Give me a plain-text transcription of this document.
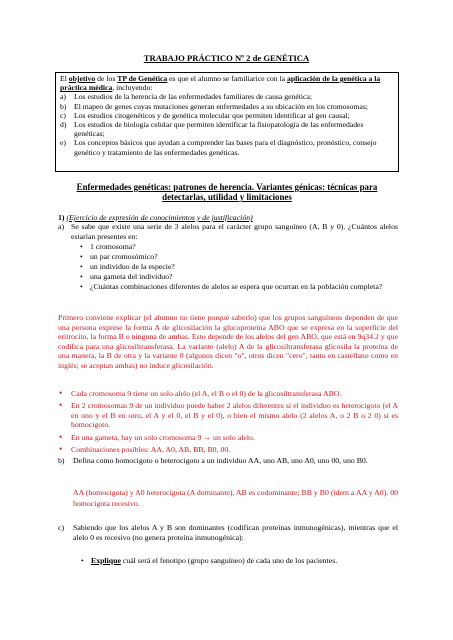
TRABAJO PRÁCTICO Nº 2 de GENÉTICA

El objetivo de los TP de Genética es que el alumno se familiarice con la aplicación de la genética a la práctica médica, incluyendo:

a) Los estudios de la herencia de las enfermedades familiares de causa genética;
b) El mapeo de genes cuyas mutaciones generan enfermedades a su ubicación en los cromosomas;
c) Los estudios citogenéticos y de genética molecular que permiten identificar al gen causal;
d) Los estudios de biología celular que permiten identificar la fisiopatología de las enfermedades genéticas;
e) Los conceptos básicos que ayudan a comprender las bases para el diagnóstico, pronóstico, consejo genético y tratamiento de las enfermedades genéticas.
Enfermedades genéticas: patrones de herencia. Variantes génicas: técnicas para detectarlas, utilidad y limitaciones

1) (Ejercicio de expresión de conocimientos y de justificación)

a) Se sabe que existe una serie de 3 alelos para el carácter grupo sanguíneo (A, B y 0). ¿Cuántos alelos estarían presentes en:
• 1 cromosoma?
• un par cromosómico?
• un individuo de la especie?
• una gameta del individuo?
• ¿Cuántas combinaciones diferentes de alelos se espera que ocurran en la población completa?
Primero conviene explicar (el alumno no tiene porqué saberlo) que los grupos sanguíneos dependen de que una persona exprese la forma A de glicosilación la glucoproteína ABO que se expresa en la superficie del eritrocito, la forma B o ninguna de ambas. Esto depende de los alelos del gen ABO, que está en 9q34.2 y que codifica para una glicosiltransferasa. La variante (alelo) A de la glicosiltransferasa glicosila la proteína de una manera, la B de otra y la variante 0 (algunos dicen "o", otros dicen "cero", tanto en castellano como en inglés; se aceptan ambas) no induce glicosilación.
• Cada cromosoma 9 tiene un solo alelo (el A, el B o el 0) de la glicosiltransferasa ABO.
• En 2 cromosomas 9 de un individuo puede haber 2 alelos diferentes si el individuo es heterocigoto (el A en uno y el B en otro, el A y el 0, el B y el 0), o bien el mismo alelo (2 alelos A, o 2 B o 2 0) si es homocigoto.
• En una gameta, hay un solo cromosoma 9 → un solo alelo.
• Combinaciones posibles: AA, A0, AB, BB, B0, 00.
b) Defina como homocigoto o heterocigoto a un individuo AA, uno AB, uno A0, uno 00, uno B0.
AA (homocigota) y A0 heterocigota (A dominante), AB es codominante; BB y B0 (ídem a AA y A0). 00 homocigota recesivo.
c) Sabiendo que los alelos A y B son dominantes (codifican proteínas inmunogénicas), mientras que el alelo 0 es recesivo (no genera proteína inmunogénica):
• Explique cuál será el fenotipo (grupo sanguíneo) de cada uno de los pacientes.
